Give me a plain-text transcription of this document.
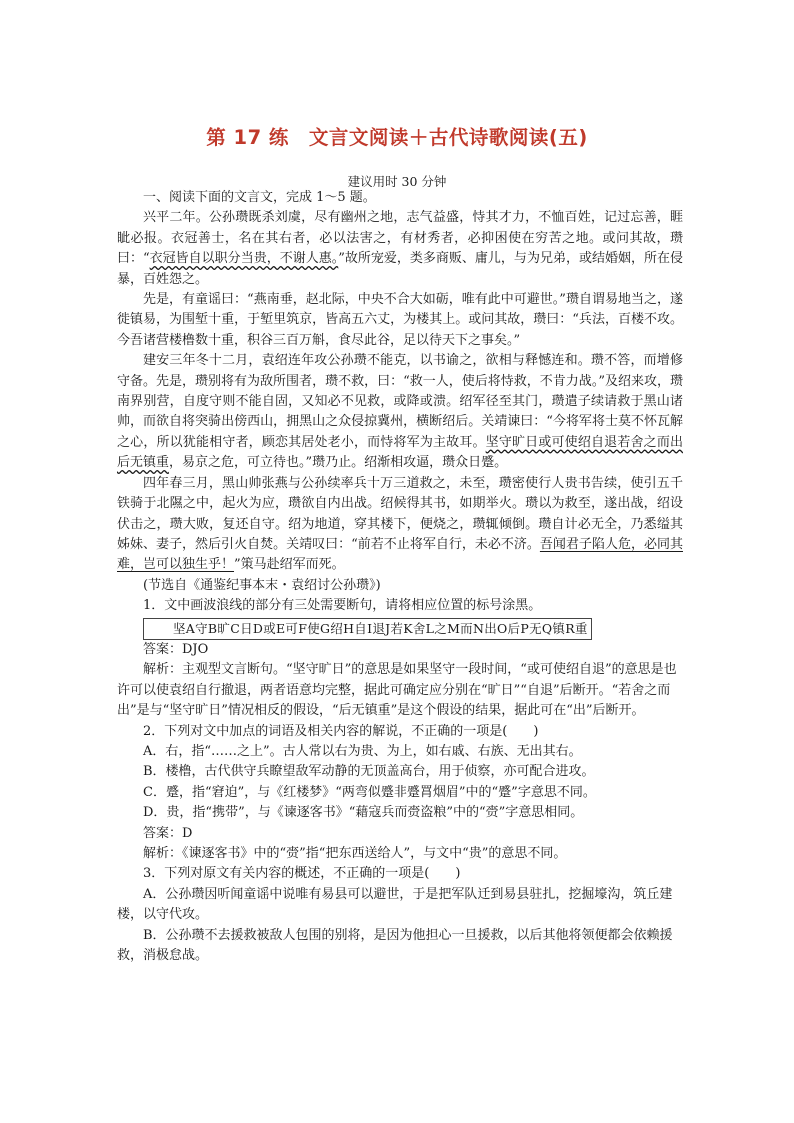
第 17 练　文言文阅读＋古代诗歌阅读(五)
建议用时 30 分钟

一、阅读下面的文言文，完成 1～5 题。

兴平二年。公孙瓒既杀刘虞，尽有幽州之地，志气益盛，恃其才力，不恤百姓，记过忘善，睚眦必报。衣冠善士，名在其右者，必以法害之，有材秀者，必抑困使在穷苦之地。或问其故，瓒曰：“衣冠皆自以职分当贵，不谢人惠。”故所宠爱，类多商贩、庸儿，与为兄弟，或结婚姻，所在侵暴，百姓怨之。

先是，有童谣曰：“燕南垂，赵北际，中央不合大如砺，唯有此中可避世。”瓒自谓易地当之，遂徙镇易，为围堑十重，于堑里筑京，皆高五六丈，为楼其上。或问其故，瓒曰：“兵法，百楼不攻。今吾诸营楼橹数十重，积谷三百万斛，食尽此谷，足以待天下之事矣。”

建安三年冬十二月，袁绍连年攻公孙瓒不能克，以书谕之，欲相与释憾连和。瓒不答，而增修守备。先是，瓒别将有为敌所围者，瓒不救，曰：“救一人，使后将恃救，不肯力战。”及绍来攻，瓒南界别营，自度守则不能自固，又知必不见救，或降或溃。绍军径至其门，瓒遣子续请救于黑山诸帅，而欲自将突骑出傍西山，拥黑山之众侵掠冀州，横断绍后。关靖谏曰：“今将军将士莫不怀瓦解之心，所以犹能相守者，顾恋其居处老小，而恃将军为主故耳。坚守旷日或可使绍自退若舍之而出后无镇重，易京之危，可立待也。”瓒乃止。绍渐相攻逼，瓒众日蹙。

四年春三月，黑山帅张燕与公孙续率兵十万三道救之，未至，瓒密使行人贵书告续，使引五千铁骑于北隰之中，起火为应，瓒欲自内出战。绍候得其书，如期举火。瓒以为救至，遂出战，绍设伏击之，瓒大败，复还自守。绍为地道，穿其楼下，便烧之，瓒辄倾倒。瓒自计必无全，乃悉缢其姊妹、妻子，然后引火自焚。关靖叹曰：“前若不止将军自行，未必不济。吾闻君子陷人危，必同其难，岂可以独生乎！”策马赴绍军而死。

(节选自《通鉴纪事本末・袁绍讨公孙瓒》)

1．文中画波浪线的部分有三处需要断句，请将相应位置的标号涂黑。

坚A守B旷C日D或E可F使G绍H自I退J若K舍L之M而N出O后P无Q镇R重

答案：DJO

解析：主观型文言断句。“坚守旷日”的意思是如果坚守一段时间，“或可使绍自退”的意思是也许可以使袁绍自行撤退，两者语意均完整，据此可确定应分别在“旷日”“自退”后断开。“若舍之而出”是与“坚守旷日”情况相反的假设，“后无镇重”是这个假设的结果，据此可在“出”后断开。

2．下列对文中加点的词语及相关内容的解说，不正确的一项是(　　)

A．右，指“……之上”。古人常以右为贵、为上，如右戚、右族、无出其右。

B．楼橹，古代供守兵瞭望敌军动静的无顶盖高台，用于侦察，亦可配合进攻。

C．蹙，指“窘迫”，与《红楼梦》“两弯似蹙非蹙罥烟眉”中的“蹙”字意思不同。

D．贵，指“携带”，与《谏逐客书》“藉寇兵而赍盗粮”中的“赍”字意思相同。

答案：D

解析：《谏逐客书》中的“赍”指“把东西送给人”，与文中“贵”的意思不同。

3．下列对原文有关内容的概述，不正确的一项是(　　)

A．公孙瓒因听闻童谣中说唯有易县可以避世，于是把军队迁到易县驻扎，挖掘壕沟，筑丘建楼，以守代攻。

B．公孙瓒不去援救被敌人包围的别将，是因为他担心一旦援救，以后其他将领便都会依赖援救，消极怠战。
